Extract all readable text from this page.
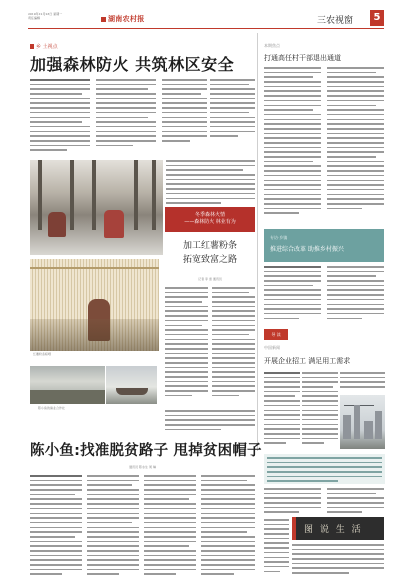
2019年12月23日 星期一
责任编辑	湖南农村报	三农视窗	5
乡 土视点
加强森林防火 共筑林区安全
冬季森林火情
——森林防火 林业有为
加工红薯粉条
拓宽致富之路
记者 李 雷 通讯员
红薯粉条晾晒
陈小鱼的渔业合作社
陈小鱼:找准脱贫路子 甩掉贫困帽子
通讯员 陈永生 周 琳
本期焦点
打通高任村干部退出通道
专访·乡镇
推进综合改革 助推乡村振兴
导 读
中国新闻
开展企业招工 满足用工需求
图 说 生 活
